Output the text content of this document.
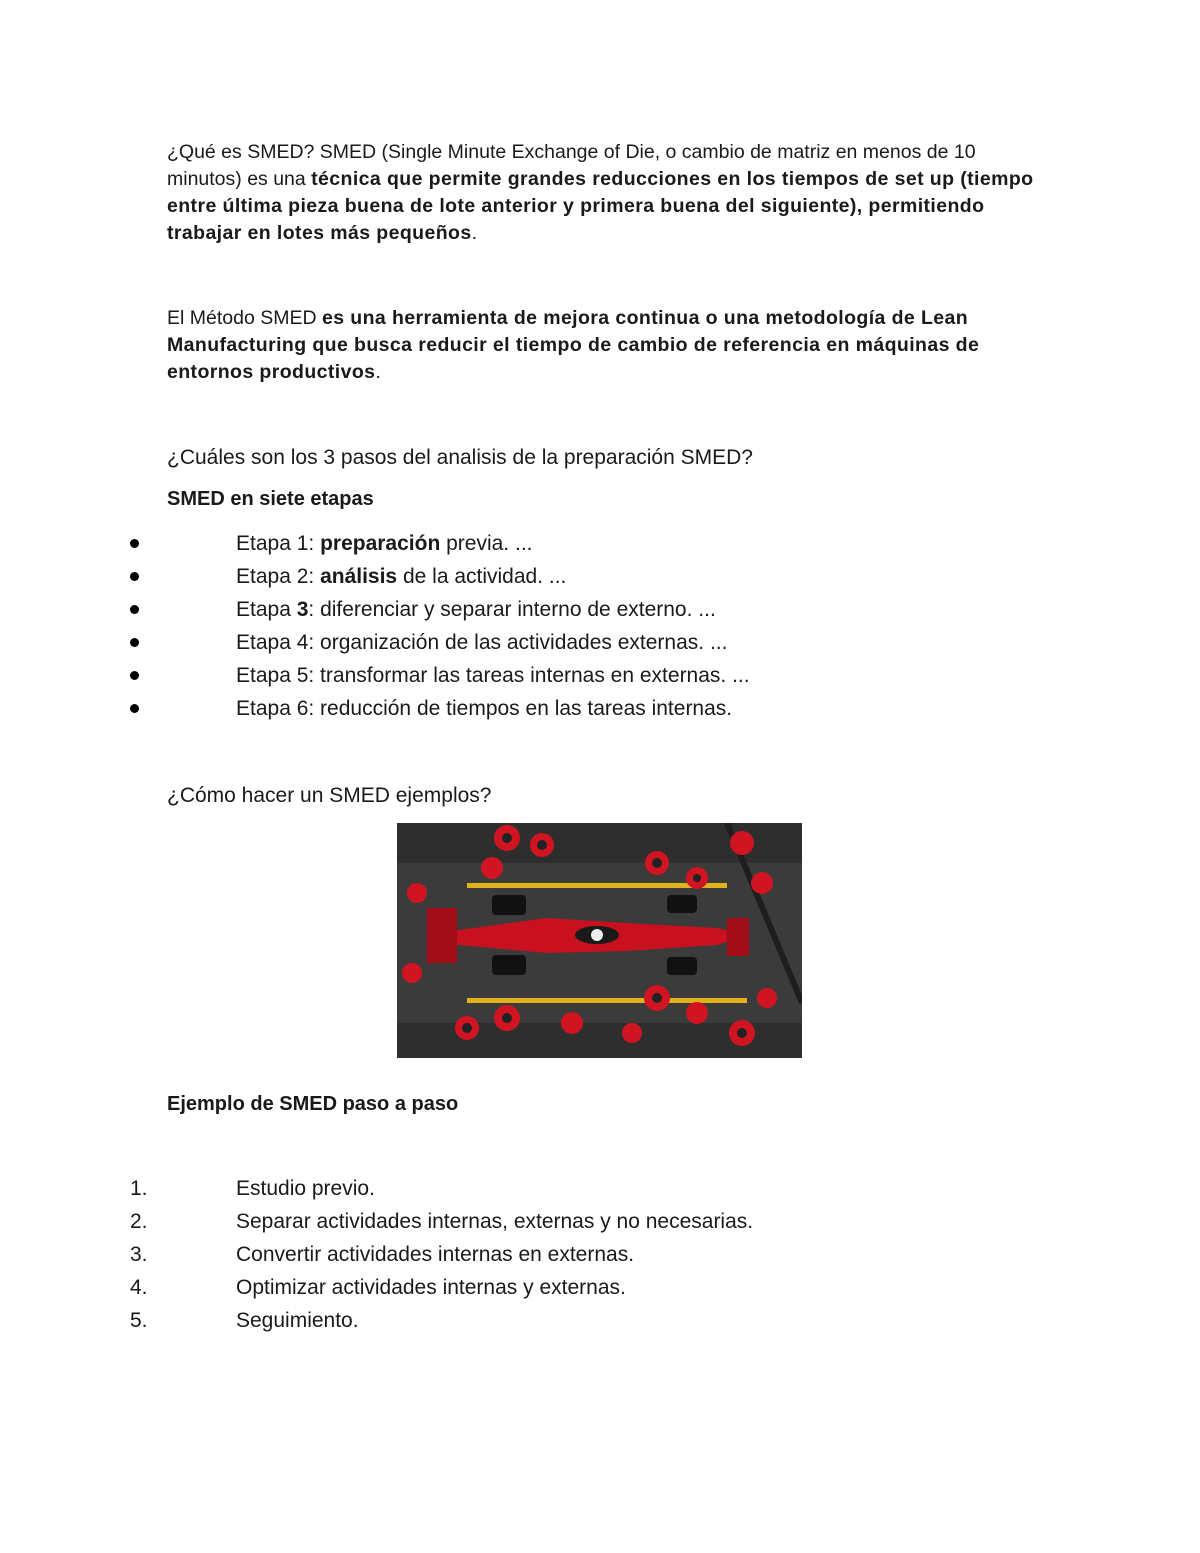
¿Qué es SMED? SMED (Single Minute Exchange of Die, o cambio de matriz en menos de 10 minutos) es una técnica que permite grandes reducciones en los tiempos de set up (tiempo entre última pieza buena de lote anterior y primera buena del siguiente), permitiendo trabajar en lotes más pequeños.
El Método SMED es una herramienta de mejora continua o una metodología de Lean Manufacturing que busca reducir el tiempo de cambio de referencia en máquinas de entornos productivos.
¿Cuáles son los 3 pasos del analisis de la preparación SMED?
SMED en siete etapas
Etapa 1: preparación previa. ...
Etapa 2: análisis de la actividad. ...
Etapa 3: diferenciar y separar interno de externo. ...
Etapa 4: organización de las actividades externas. ...
Etapa 5: transformar las tareas internas en externas. ...
Etapa 6: reducción de tiempos en las tareas internas.
¿Cómo hacer un SMED ejemplos?
Ejemplo de SMED paso a paso
1.	Estudio previo.
2.	Separar actividades internas, externas y no necesarias.
3.	Convertir actividades internas en externas.
4.	Optimizar actividades internas y externas.
5.	Seguimiento.
